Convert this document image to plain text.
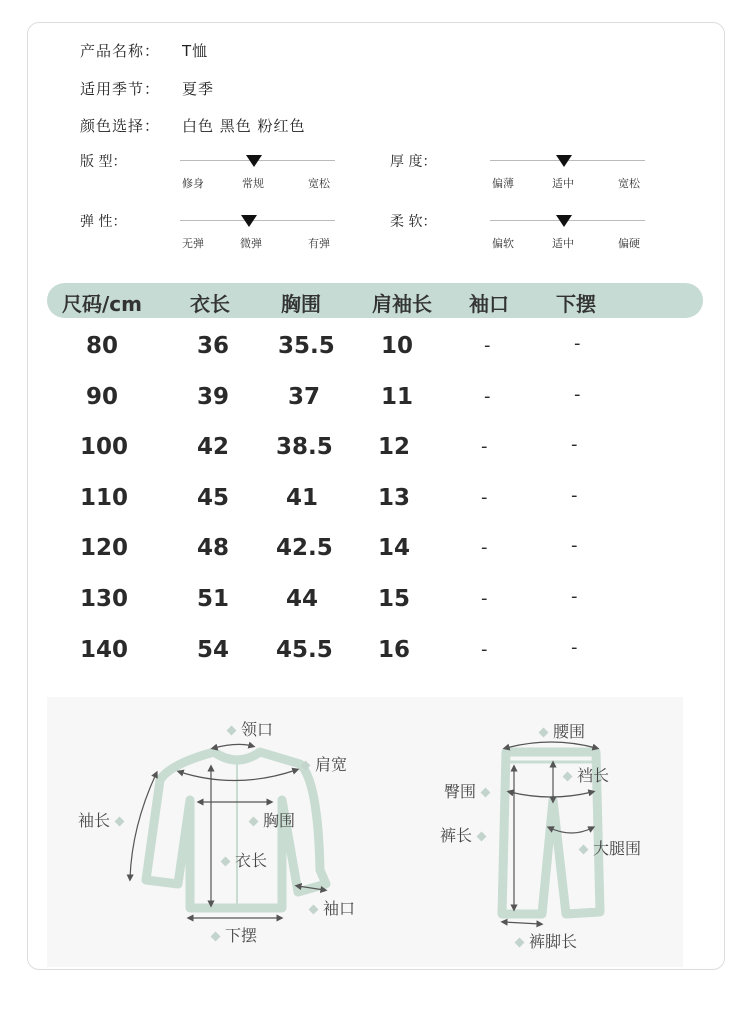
产品名称： T恤
适用季节： 夏季
颜色选择： 白色 黑色 粉红色
版 型：
修身	常规	宽松
厚 度：
偏薄	适中	宽松
弹 性：
无弹	微弹	有弹
柔 软：
偏软	适中	偏硬
尺码/cm 衣长	胸围	肩袖长 袖口 下摆
80	36 35.5 10	-	-
90	39	37	11	-	-
100	42 38.5 12	-	-
110	45 41	13	-	-
120	48 42.5 14	-	-
130	51 44	15	-	-
140	54 45.5 16	-	-
领口
肩宽
袖长	胸围
衣长
袖口
下摆
腰围
裆长
臀围
裤长
大腿围
裤脚长
